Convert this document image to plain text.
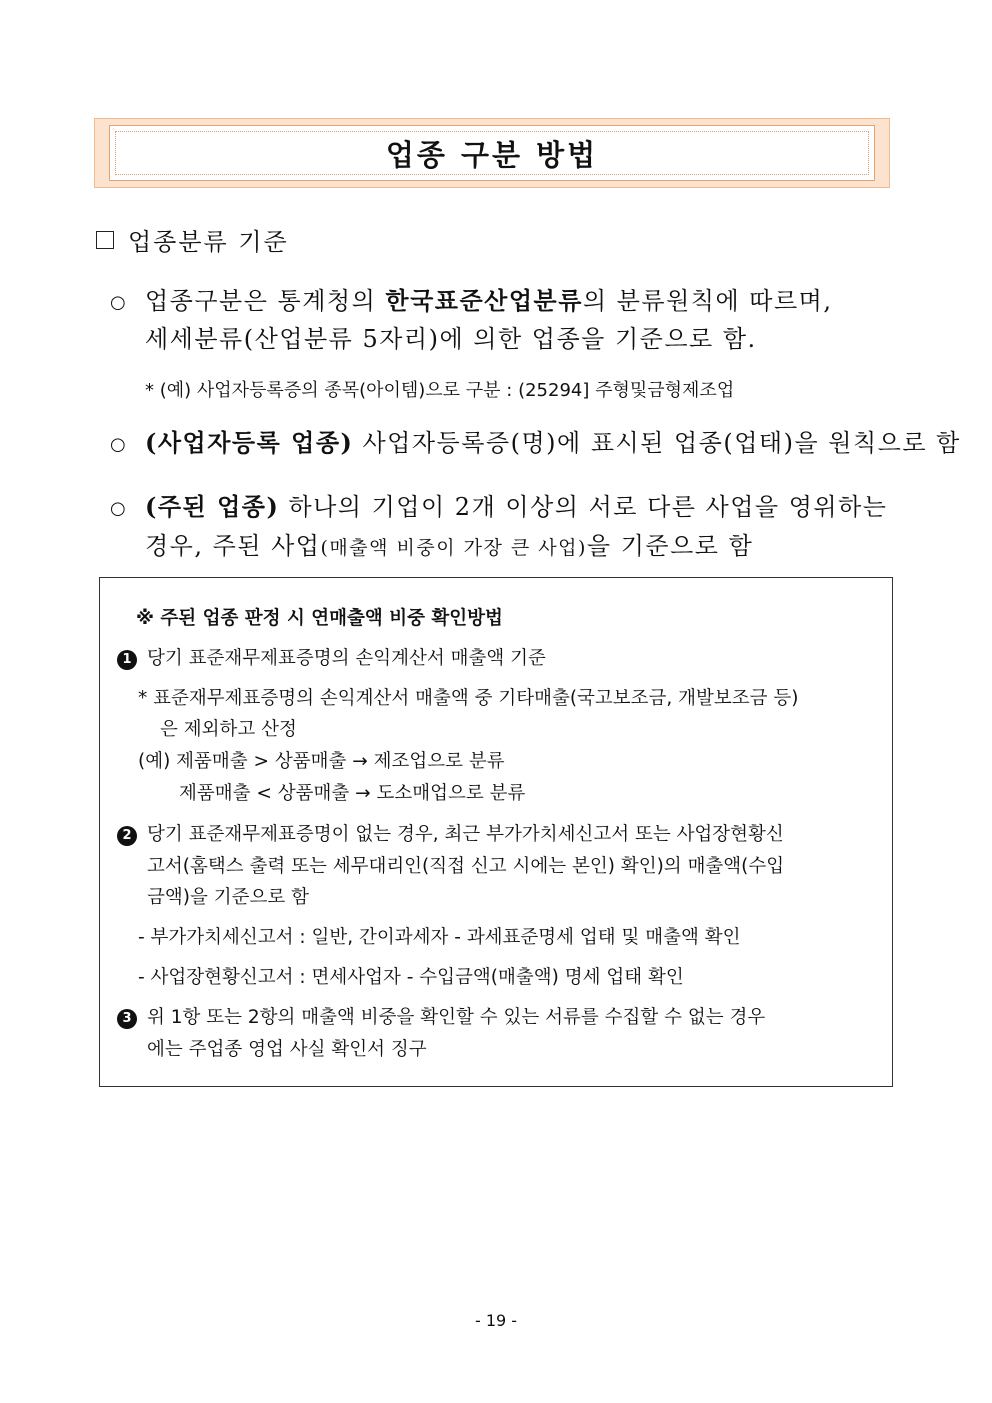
업종 구분 방법
업종분류 기준
○ 업종구분은 통계청의 한국표준산업분류의 분류원칙에 따르며,
세세분류(산업분류 5자리)에 의한 업종을 기준으로 함.
* (예) 사업자등록증의 종목(아이템)으로 구분 : (25294] 주형및금형제조업
○ (사업자등록 업종) 사업자등록증(명)에 표시된 업종(업태)을 원칙으로 함
○ (주된 업종) 하나의 기업이 2개 이상의 서로 다른 사업을 영위하는
경우, 주된 사업(매출액 비중이 가장 큰 사업)을 기준으로 함
※ 주된 업종 판정 시 연매출액 비중 확인방법
1 당기 표준재무제표증명의 손익계산서 매출액 기준
* 표준재무제표증명의 손익계산서 매출액 중 기타매출(국고보조금, 개발보조금 등)
은 제외하고 산정
(예) 제품매출 > 상품매출 → 제조업으로 분류
제품매출 < 상품매출 → 도소매업으로 분류
2 당기 표준재무제표증명이 없는 경우, 최근 부가가치세신고서 또는 사업장현황신
고서(홈택스 출력 또는 세무대리인(직접 신고 시에는 본인) 확인)의 매출액(수입
금액)을 기준으로 함
- 부가가치세신고서 : 일반, 간이과세자 - 과세표준명세 업태 및 매출액 확인
- 사업장현황신고서 : 면세사업자 - 수입금액(매출액) 명세 업태 확인
3 위 1항 또는 2항의 매출액 비중을 확인할 수 있는 서류를 수집할 수 없는 경우
에는 주업종 영업 사실 확인서 징구
- 19 -
